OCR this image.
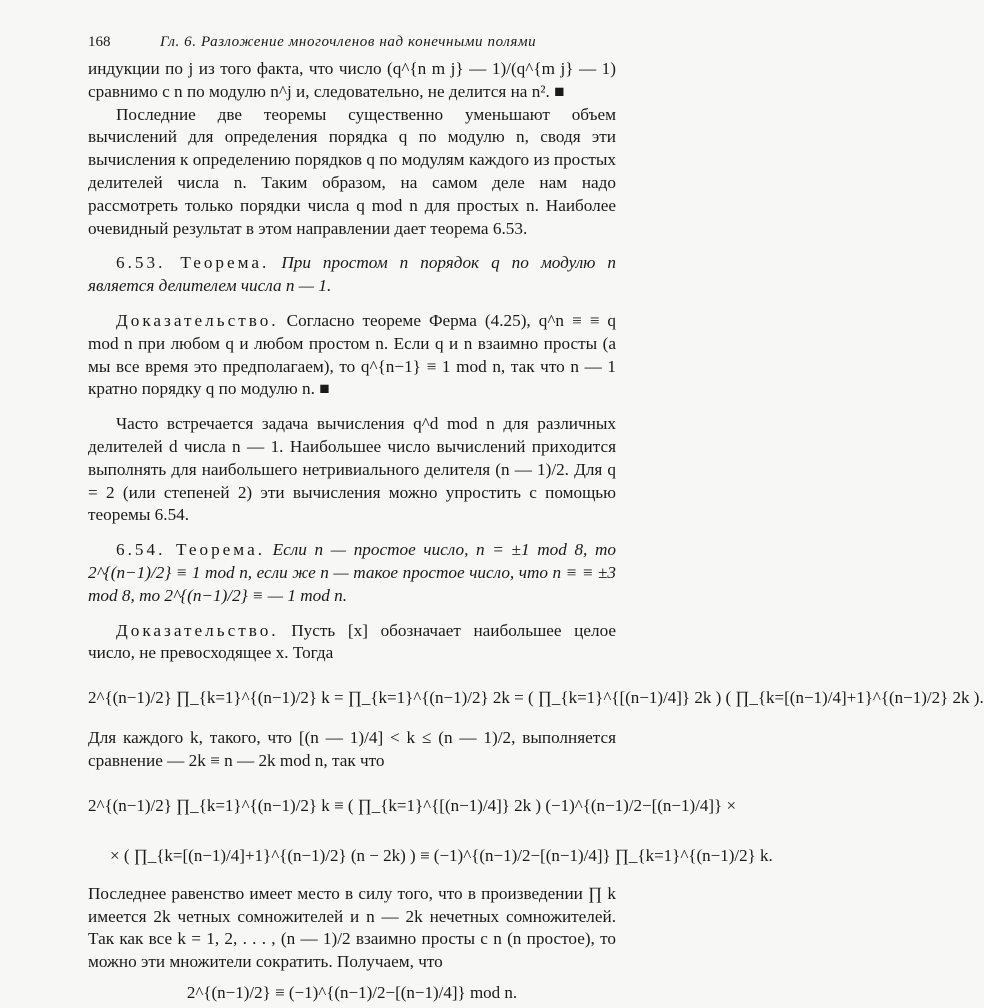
168	Гл. 6. Разложение многочленов над конечными полями

индукции по j из того факта, что число (q^{n m j} — 1)/(q^{m j} — 1) сравнимо с n по модулю n^j и, следовательно, не делится на n². ■

Последние две теоремы существенно уменьшают объем вычислений для определения порядка q по модулю n, сводя эти вычисления к определению порядков q по модулям каждого из простых делителей числа n. Таким образом, на самом деле нам надо рассмотреть только порядки числа q mod n для простых n. Наиболее очевидный результат в этом направлении дает теорема 6.53.

6.53. Теорема. При простом n порядок q по модулю n является делителем числа n — 1.

Доказательство. Согласно теореме Ферма (4.25), q^n ≡ ≡ q mod n при любом q и любом простом n. Если q и n взаимно просты (а мы все время это предполагаем), то q^{n−1} ≡ 1 mod n, так что n — 1 кратно порядку q по модулю n. ■

Часто встречается задача вычисления q^d mod n для различных делителей d числа n — 1. Наибольшее число вычислений приходится выполнять для наибольшего нетривиального делителя (n — 1)/2. Для q = 2 (или степеней 2) эти вычисления можно упростить с помощью теоремы 6.54.

6.54. Теорема. Если n — простое число, n = ±1 mod 8, то 2^{(n−1)/2} ≡ 1 mod n, если же n — такое простое число, что n ≡ ≡ ±3 mod 8, то 2^{(n−1)/2} ≡ — 1 mod n.

Доказательство. Пусть [x] обозначает наибольшее целое число, не превосходящее x. Тогда

2^{(n−1)/2} ∏_{k=1}^{(n−1)/2} k = ∏_{k=1}^{(n−1)/2} 2k = ( ∏_{k=1}^{[(n−1)/4]} 2k ) ( ∏_{k=[(n−1)/4]+1}^{(n−1)/2} 2k ).

Для каждого k, такого, что [(n — 1)/4] < k ≤ (n — 1)/2, выполняется сравнение — 2k ≡ n — 2k mod n, так что

2^{(n−1)/2} ∏_{k=1}^{(n−1)/2} k ≡ ( ∏_{k=1}^{[(n−1)/4]} 2k ) (−1)^{(n−1)/2−[(n−1)/4]} ×
× ( ∏_{k=[(n−1)/4]+1}^{(n−1)/2} (n − 2k) ) ≡ (−1)^{(n−1)/2−[(n−1)/4]} ∏_{k=1}^{(n−1)/2} k.

Последнее равенство имеет место в силу того, что в произведении ∏ k имеется 2k четных сомножителей и n — 2k нечетных сомножителей. Так как все k = 1, 2, . . . , (n — 1)/2 взаимно просты с n (n простое), то можно эти множители сократить. Получаем, что

2^{(n−1)/2} ≡ (−1)^{(n−1)/2−[(n−1)/4]} mod n.
